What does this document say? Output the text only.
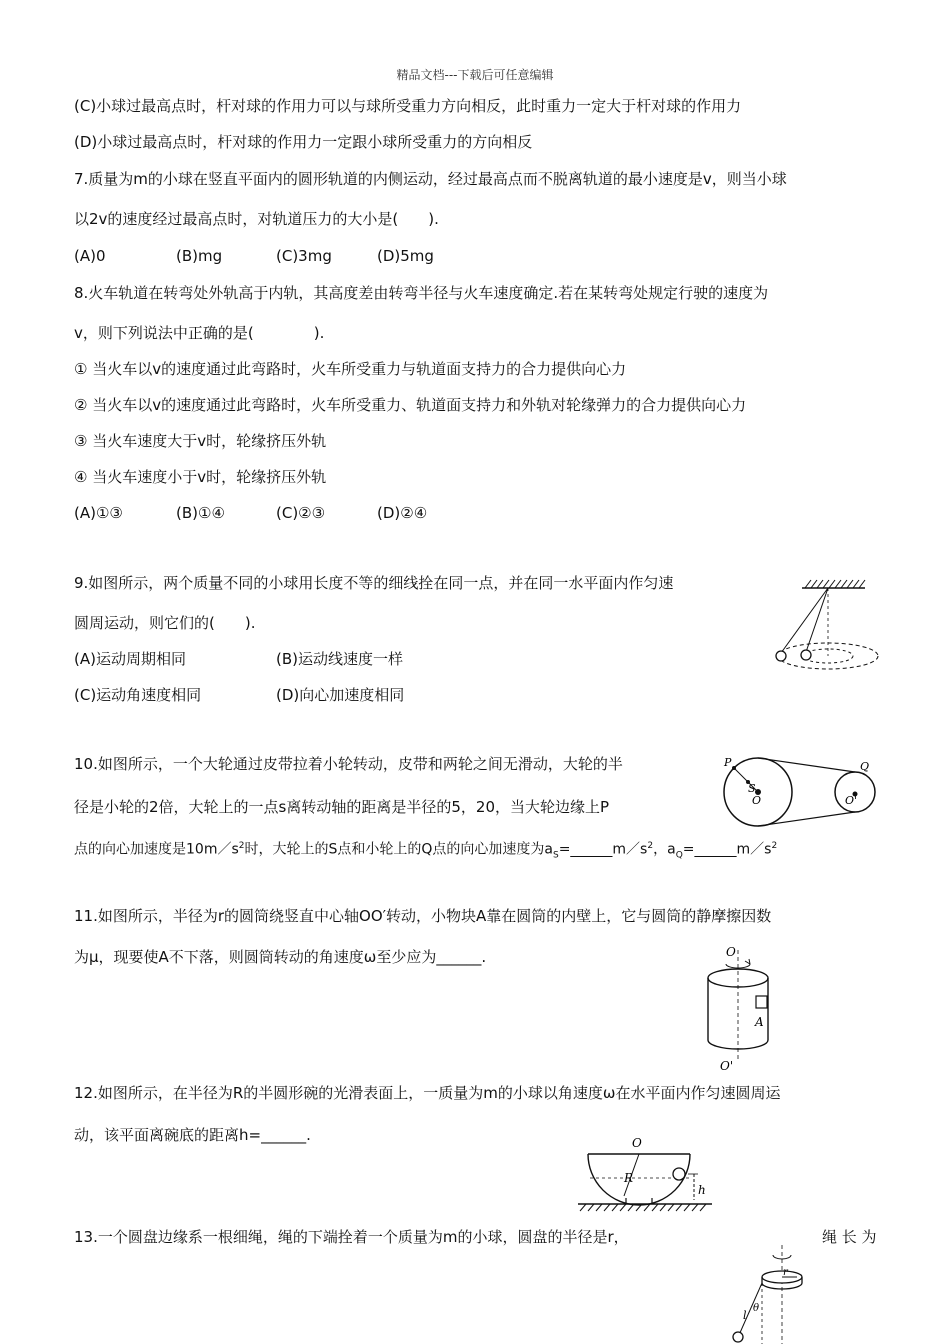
精品文档---下载后可任意编辑
(C)小球过最高点时，杆对球的作用力可以与球所受重力方向相反，此时重力一定大于杆对球的作用力
(D)小球过最高点时，杆对球的作用力一定跟小球所受重力的方向相反
7.质量为m的小球在竖直平面内的圆形轨道的内侧运动，经过最高点而不脱离轨道的最小速度是v，则当小球
以2v的速度经过最高点时，对轨道压力的大小是(　　).
(A)0	(B)mg	(C)3mg	(D)5mg
8.火车轨道在转弯处外轨高于内轨，其高度差由转弯半径与火车速度确定.若在某转弯处规定行驶的速度为
v，则下列说法中正确的是(　　　　).
① 当火车以v的速度通过此弯路时，火车所受重力与轨道面支持力的合力提供向心力
② 当火车以v的速度通过此弯路时，火车所受重力、轨道面支持力和外轨对轮缘弹力的合力提供向心力
③ 当火车速度大于v时，轮缘挤压外轨
④ 当火车速度小于v时，轮缘挤压外轨
(A)①③	(B)①④	(C)②③	(D)②④
9.如图所示，两个质量不同的小球用长度不等的细线拴在同一点，并在同一水平面内作匀速
圆周运动，则它们的(　　).
(A)运动周期相同	(B)运动线速度一样
(C)运动角速度相同	(D)向心加速度相同
10.如图所示，一个大轮通过皮带拉着小轮转动，皮带和两轮之间无滑动，大轮的半
径是小轮的2倍，大轮上的一点s离转动轴的距离是半径的5，20，当大轮边缘上P
点的向心加速度是$10m/s^2$时，大轮上的S点和小轮上的Q点的向心加速度为$a_S=\_\_\_\_\_\_m/s^2$，$a_Q=\_\_\_\_\_\_m/s^2$
P
S
O
Q
O'
11.如图所示，半径为r的圆筒绕竖直中心轴OO′转动，小物块A靠在圆筒的内壁上，它与圆筒的静摩擦因数
为μ，现要使A不下落，则圆筒转动的角速度ω至少应为______.	O
A
O'
12.如图所示，在半径为R的半圆形碗的光滑表面上，一质量为m的小球以角速度ω在水平面内作匀速圆周运
动，该平面离碗底的距离h=______.	O
R
h
13.一个圆盘边缘系一根细绳，绳的下端拴着一个质量为m的小球，圆盘的半径是r，	绳 长 为
r
l
θ
